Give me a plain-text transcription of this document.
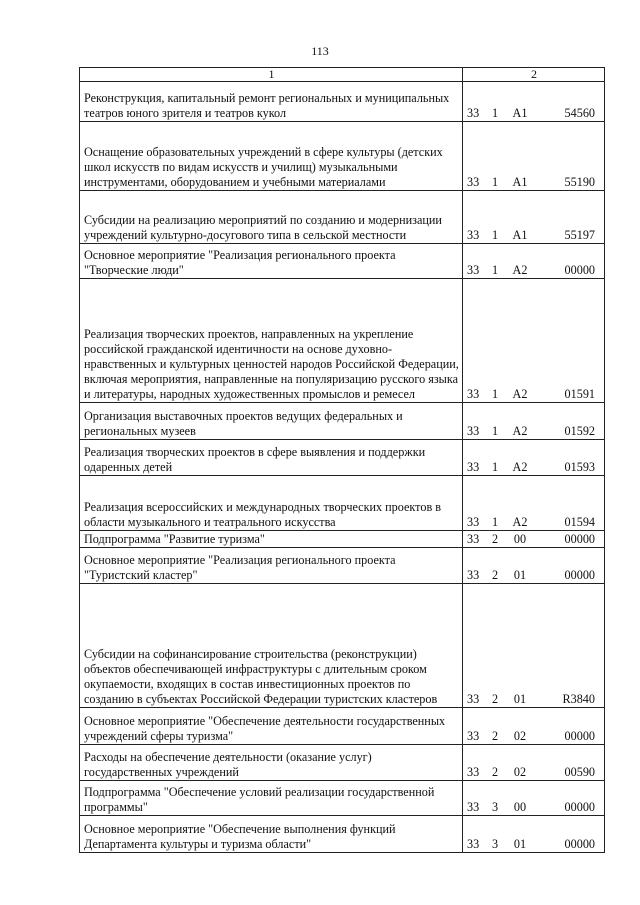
113
1	2
Реконструкция, капитальный ремонт региональных и муниципальных театров юного зрителя и театров кукол	33 1 A1 54560
Оснащение образовательных учреждений в сфере культуры (детских школ искусств по видам искусств и училищ) музыкальными инструментами, оборудованием и учебными материалами	33 1 A1 55190
Субсидии на реализацию мероприятий по созданию и модернизации учреждений культурно-досугового типа в сельской местности	33 1 A1 55197
Основное мероприятие "Реализация регионального проекта "Творческие люди"	33 1 A2 00000
Реализация творческих проектов, направленных на укрепление российской гражданской идентичности на основе духовно-нравственных и культурных ценностей народов Российской Федерации, включая мероприятия, направленные на популяризацию русского языка и литературы, народных художественных промыслов и ремесел	33 1 A2 01591
Организация выставочных проектов ведущих федеральных и региональных музеев	33 1 A2 01592
Реализация творческих проектов в сфере выявления и поддержки одаренных детей	33 1 A2 01593
Реализация всероссийских и международных творческих проектов в области музыкального и театрального искусства	33 1 A2 01594
Подпрограмма "Развитие туризма"	33 2 00 00000
Основное мероприятие "Реализация регионального проекта "Туристский кластер"	33 2 01 00000
Субсидии на софинансирование строительства (реконструкции) объектов обеспечивающей инфраструктуры с длительным сроком окупаемости, входящих в состав инвестиционных проектов по созданию в субъектах Российской Федерации туристских кластеров	33 2 01 R3840
Основное мероприятие "Обеспечение деятельности государственных учреждений сферы туризма"	33 2 02 00000
Расходы на обеспечение деятельности (оказание услуг) государственных учреждений	33 2 02 00590
Подпрограмма "Обеспечение условий реализации государственной программы"	33 3 00 00000
Основное мероприятие "Обеспечение выполнения функций Департамента культуры и туризма области"	33 3 01 00000
